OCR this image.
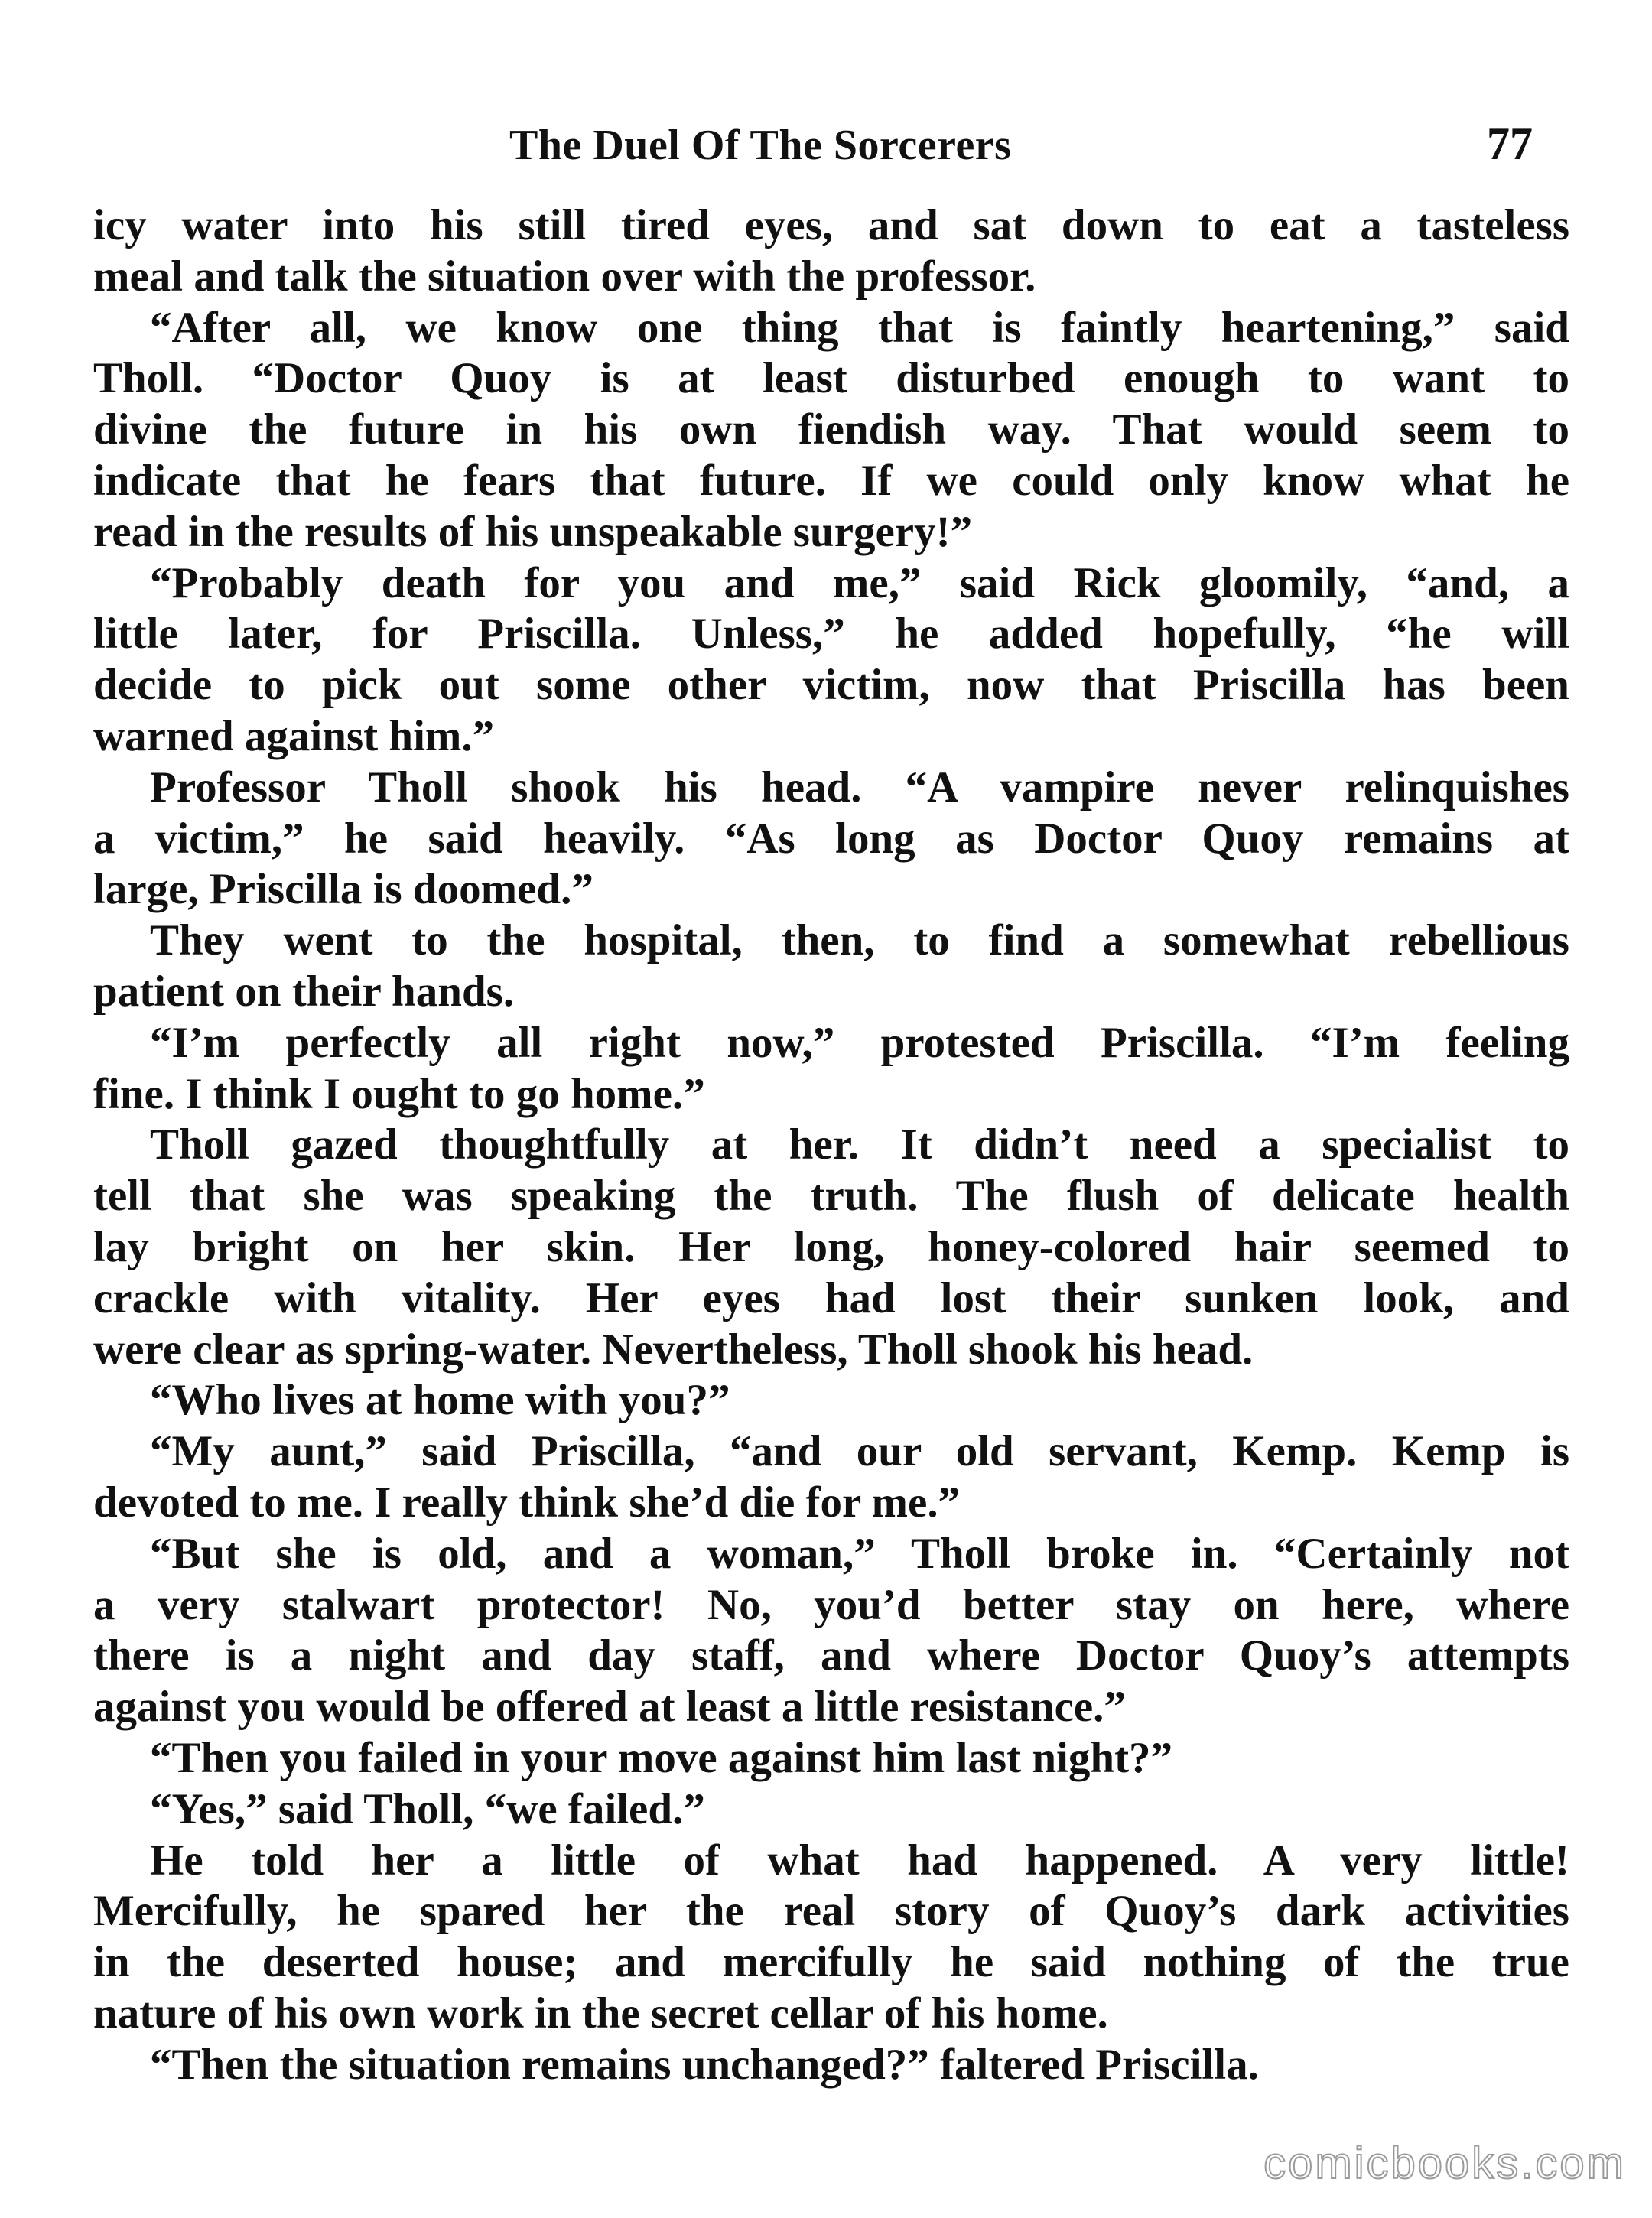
The Duel Of The Sorcerers	77
icy water into his still tired eyes, and sat down to eat a tasteless
meal and talk the situation over with the professor.
“After all, we know one thing that is faintly heartening,” said
Tholl. “Doctor Quoy is at least disturbed enough to want to
divine the future in his own fiendish way. That would seem to
indicate that he fears that future. If we could only know what he
read in the results of his unspeakable surgery!”
“Probably death for you and me,” said Rick gloomily, “and, a
little later, for Priscilla. Unless,” he added hopefully, “he will
decide to pick out some other victim, now that Priscilla has been
warned against him.”
Professor Tholl shook his head. “A vampire never relinquishes
a victim,” he said heavily. “As long as Doctor Quoy remains at
large, Priscilla is doomed.”
They went to the hospital, then, to find a somewhat rebellious
patient on their hands.
“I’m perfectly all right now,” protested Priscilla. “I’m feeling
fine. I think I ought to go home.”
Tholl gazed thoughtfully at her. It didn’t need a specialist to
tell that she was speaking the truth. The flush of delicate health
lay bright on her skin. Her long, honey-colored hair seemed to
crackle with vitality. Her eyes had lost their sunken look, and
were clear as spring-water. Nevertheless, Tholl shook his head.
“Who lives at home with you?”
“My aunt,” said Priscilla, “and our old servant, Kemp. Kemp is
devoted to me. I really think she’d die for me.”
“But she is old, and a woman,” Tholl broke in. “Certainly not
a very stalwart protector! No, you’d better stay on here, where
there is a night and day staff, and where Doctor Quoy’s attempts
against you would be offered at least a little resistance.”
“Then you failed in your move against him last night?”
“Yes,” said Tholl, “we failed.”
He told her a little of what had happened. A very little!
Mercifully, he spared her the real story of Quoy’s dark activities
in the deserted house; and mercifully he said nothing of the true
nature of his own work in the secret cellar of his home.
“Then the situation remains unchanged?” faltered Priscilla.
comicbooks.com
